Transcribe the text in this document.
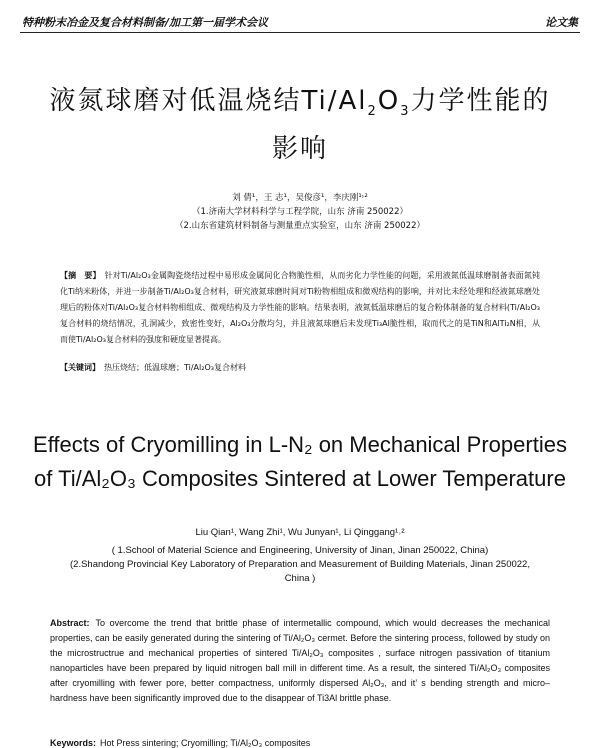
特种粉末冶金及复合材料制备/加工第一届学术会议	论文集
液氮球磨对低温烧结$Ti/Al_2O_3$力学性能的
影响
刘 倩¹，王 志¹，吴俊彦¹，李庆刚¹˒²
（1.济南大学材料科学与工程学院，山东 济南 250022）
（2.山东省建筑材料制备与测量重点实验室，山东 济南 250022）
【摘　要】 针对Ti/Al₂O₃金属陶瓷烧结过程中易形成金属间化合物脆性相，从而劣化力学性能的问题，采用液氮低温球磨制备表面氮钝化Ti纳米粉体，并进一步制备Ti/Al₂O₃复合材料，研究液氮球磨时间对Ti粉物相组成和微观结构的影响，并对比未经处理和经液氮球磨处理后的粉体对Ti/Al₂O₃复合材料物相组成、微观结构及力学性能的影响。结果表明，液氮低温球磨后的复合粉体制备的复合材料(Ti/Al₂O₃复合材料的烧结情况，孔洞减少，致密性变好，Al₂O₃分散均匀，并且液氮球磨后未发现Ti₃Al脆性相，取而代之的是TiN和AlTi₂N相，从而使Ti/Al₂O₃复合材料的强度和硬度显著提高。
【关键词】 热压烧结；低温球磨；Ti/Al₂O₃复合材料
Effects of Cryomilling in L-N₂ on Mechanical Properties
of Ti/Al₂O₃ Composites Sintered at Lower Temperature
Liu Qian¹, Wang Zhi¹, Wu Junyan¹, Li Qinggang¹˒²
( 1.School of Material Science and Engineering, University of Jinan, Jinan 250022, China)
(2.Shandong Provincial Key Laboratory of Preparation and Measurement of Building Materials, Jinan 250022,
China )
Abstract: To overcome the trend that brittle phase of intermetallic compound, which would decreases the mechanical properties, can be easily generated during the sintering of Ti/Al₂O₃ cermet. Before the sintering process, followed by study on the microstructrue and mechanical properties of sintered Ti/Al₂O₃ composites , surface nitrogen passivation of titanium nanoparticles have been prepared by liquid nitrogen ball mill in different time. As a result, the sintered Ti/Al₂O₃ composites after cryomilling with fewer pore, better compactness, uniformly dispersed Al₂O₃, and it’ s bending strength and micro–hardness have been significantly improved due to the disappear of Ti3Al brittle phase.
Keywords: Hot Press sintering; Cryomilling; Ti/Al₂O₃ composites
